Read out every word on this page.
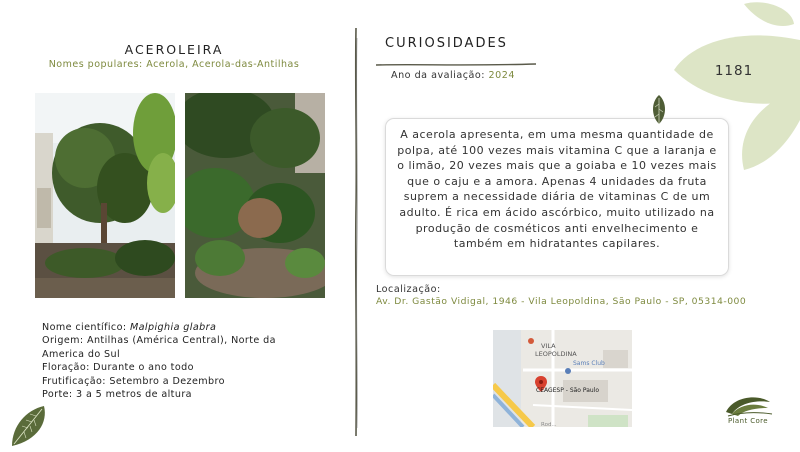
ACEROLEIRA
Nomes populares: Acerola, Acerola-das-Antilhas
Nome científico: Malpighia glabra
Origem: Antilhas (América Central), Norte da America do Sul
Floração: Durante o ano todo
Frutificação: Setembro a Dezembro
Porte: 3 a 5 metros de altura
CURIOSIDADES
Ano da avaliação: 2024
A acerola apresenta, em uma mesma quantidade de polpa, até 100 vezes mais vitamina C que a laranja e o limão, 20 vezes mais que a goiaba e 10 vezes mais que o caju e a amora. Apenas 4 unidades da fruta suprem a necessidade diária de vitaminas C de um adulto. É rica em ácido ascórbico, muito utilizado na produção de cosméticos anti envelhecimento e também em hidratantes capilares.
Localização:
Av. Dr. Gastão Vidigal, 1946 - Vila Leopoldina, São Paulo - SP, 05314-000
VILA
LEOPOLDINA
Sams Club
CEAGESP - São Paulo
Rod...
1181
Plant Core
